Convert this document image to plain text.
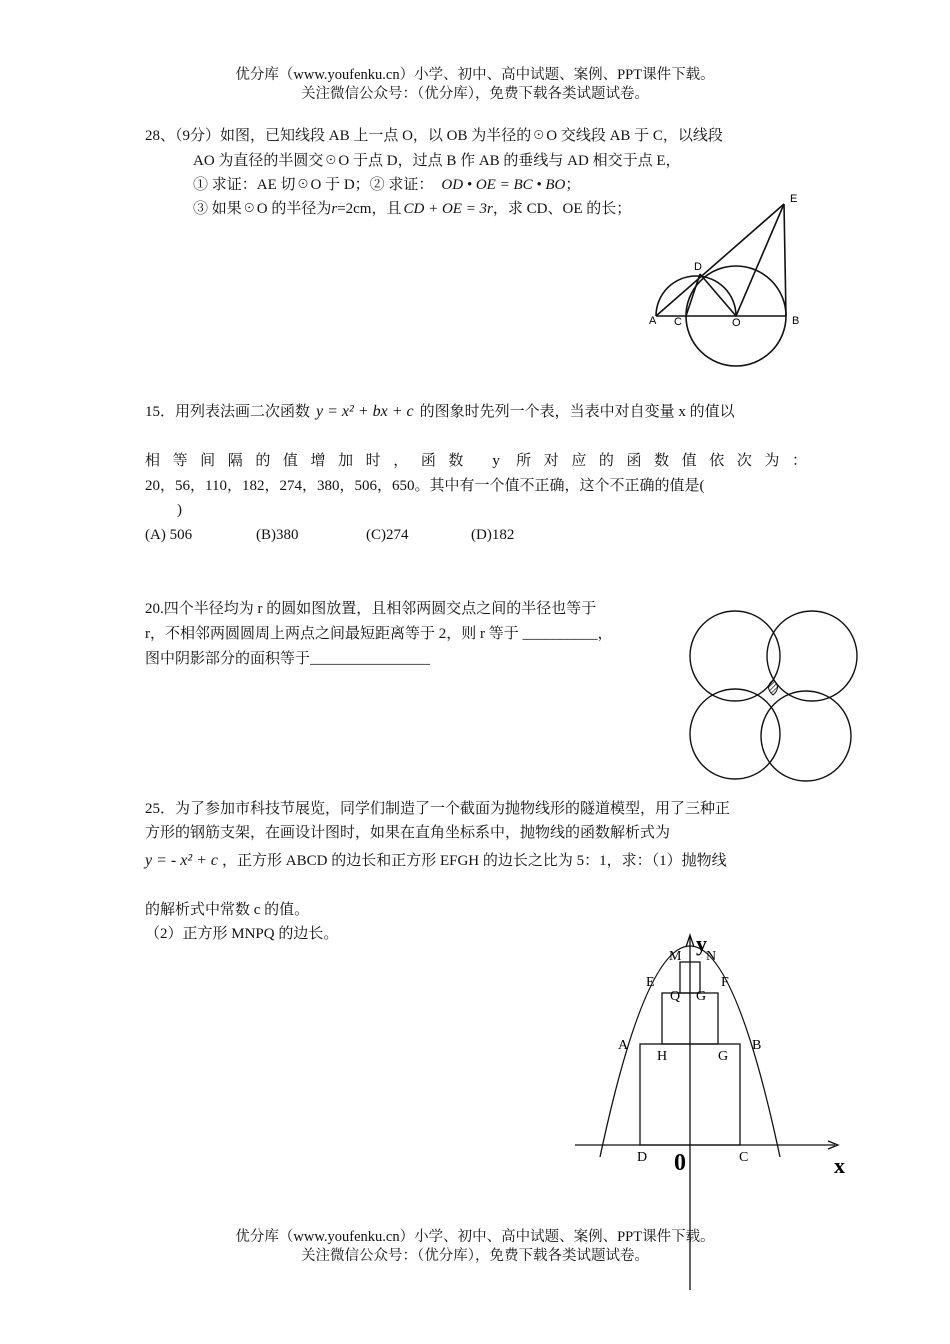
优分库（www.youfenku.cn）小学、初中、高中试题、案例、PPT课件下载。
关注微信公众号：（优分库），免费下载各类试题试卷。
28、（9分）如图，已知线段 AB 上一点 O，以 OB 为半径的☉O 交线段 AB 于 C，以线段
AO 为直径的半圆交☉O 于点 D，过点 B 作 AB 的垂线与 AD 相交于点 E，
① 求证：AE 切☉O 于 D；② 求证： OD • OE = BC • BO；
③ 如果☉O 的半径为r=2cm，且 CD + OE = 3r，求 CD、OE 的长；
A C	O	B
D
E
15．用列表法画二次函数 y = x² + bx + c 的图象时先列一个表，当表中对自变量 x 的值以
相等间隔的值增加时，函数 y 所对应的函数值依次为：
20，56，110，182，274，380，506，650。其中有一个值不正确，这个不正确的值是(
)
(A) 506	(B)380	(C)274	(D)182
20.四个半径均为 r 的圆如图放置，且相邻两圆交点之间的半径也等于
r，不相邻两圆圆周上两点之间最短距离等于 2，则 r 等于 __________，
图中阴影部分的面积等于________________
25．为了参加市科技节展览，同学们制造了一个截面为抛物线形的隧道模型，用了三种正
方形的钢筋支架，在画设计图时，如果在直角坐标系中，抛物线的函数解析式为
y = - x² + c ，正方形 ABCD 的边长和正方形 EFGH 的边长之比为 5：1，求：（1）抛物线
的解析式中常数 c 的值。
（2）正方形 MNPQ 的边长。	y
x
0
M N
E	F
Q G
A	B
H	G
D	C
优分库（www.youfenku.cn）小学、初中、高中试题、案例、PPT课件下载。
关注微信公众号：（优分库），免费下载各类试题试卷。
